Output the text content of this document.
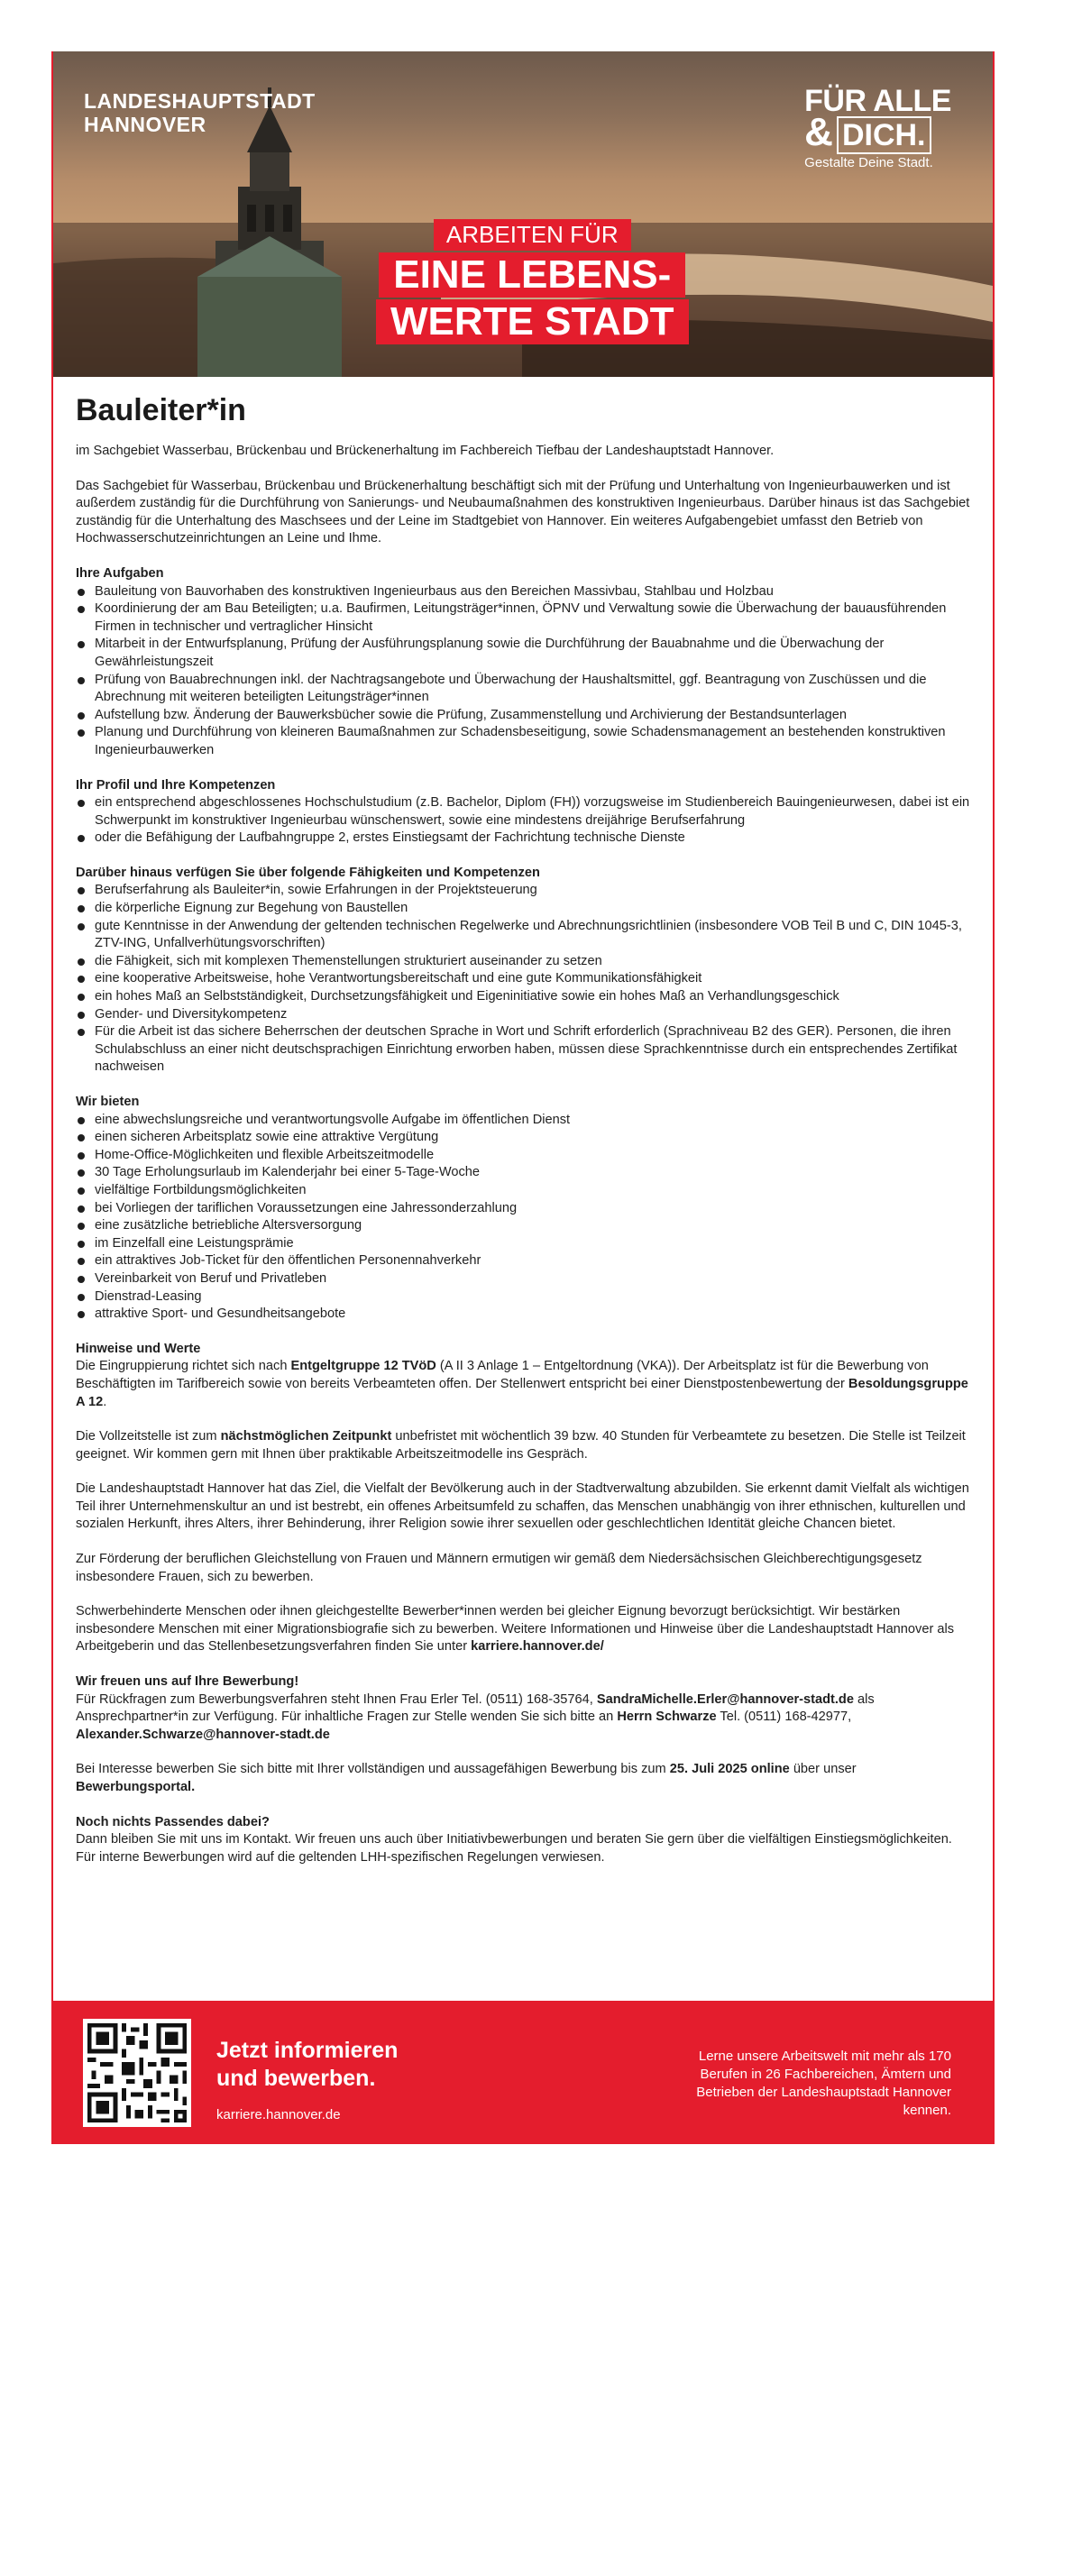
LANDESHAUPTSTADT
HANNOVER
FÜR ALLE
& DICH.
Gestalte Deine Stadt.
ARBEITEN FÜR
EINE LEBENS-
WERTE STADT
Bauleiter*in

im Sachgebiet Wasserbau, Brückenbau und Brückenerhaltung im Fachbereich Tiefbau der Landeshauptstadt Hannover.

Das Sachgebiet für Wasserbau, Brückenbau und Brückenerhaltung beschäftigt sich mit der Prüfung und Unterhaltung von Ingenieurbauwerken und ist außerdem zuständig für die Durchführung von Sanierungs- und Neubaumaßnahmen des konstruktiven Ingenieurbaus. Darüber hinaus ist das Sachgebiet zuständig für die Unterhaltung des Maschsees und der Leine im Stadtgebiet von Hannover. Ein weiteres Aufgabengebiet umfasst den Betrieb von Hochwasserschutzeinrichtungen an Leine und Ihme.

Ihre Aufgaben
Bauleitung von Bauvorhaben des konstruktiven Ingenieurbaus aus den Bereichen Massivbau, Stahlbau und Holzbau
Koordinierung der am Bau Beteiligten; u.a. Baufirmen, Leitungsträger*innen, ÖPNV und Verwaltung sowie die Überwachung der bauausführenden Firmen in technischer und vertraglicher Hinsicht
Mitarbeit in der Entwurfsplanung, Prüfung der Ausführungsplanung sowie die Durchführung der Bauabnahme und die Überwachung der Gewährleistungszeit
Prüfung von Bauabrechnungen inkl. der Nachtragsangebote und Überwachung der Haushaltsmittel, ggf. Beantragung von Zuschüssen und die Abrechnung mit weiteren beteiligten Leitungsträger*innen
Aufstellung bzw. Änderung der Bauwerksbücher sowie die Prüfung, Zusammenstellung und Archivierung der Bestandsunterlagen
Planung und Durchführung von kleineren Baumaßnahmen zur Schadensbeseitigung, sowie Schadensmanagement an bestehenden konstruktiven Ingenieurbauwerken
Ihr Profil und Ihre Kompetenzen
ein entsprechend abgeschlossenes Hochschulstudium (z.B. Bachelor, Diplom (FH)) vorzugsweise im Studienbereich Bauingenieurwesen, dabei ist ein Schwerpunkt im konstruktiver Ingenieurbau wünschenswert, sowie eine mindestens dreijährige Berufserfahrung
oder die Befähigung der Laufbahngruppe 2, erstes Einstiegsamt der Fachrichtung technische Dienste
Darüber hinaus verfügen Sie über folgende Fähigkeiten und Kompetenzen
Berufserfahrung als Bauleiter*in, sowie Erfahrungen in der Projektsteuerung
die körperliche Eignung zur Begehung von Baustellen
gute Kenntnisse in der Anwendung der geltenden technischen Regelwerke und Abrechnungsrichtlinien (insbesondere VOB Teil B und C, DIN 1045-3, ZTV-ING, Unfallverhütungsvorschriften)
die Fähigkeit, sich mit komplexen Themenstellungen strukturiert auseinander zu setzen
eine kooperative Arbeitsweise, hohe Verantwortungsbereitschaft und eine gute Kommunikationsfähigkeit
ein hohes Maß an Selbstständigkeit, Durchsetzungsfähigkeit und Eigeninitiative sowie ein hohes Maß an Verhandlungsgeschick
Gender- und Diversitykompetenz
Für die Arbeit ist das sichere Beherrschen der deutschen Sprache in Wort und Schrift erforderlich (Sprachniveau B2 des GER). Personen, die ihren Schulabschluss an einer nicht deutschsprachigen Einrichtung erworben haben, müssen diese Sprachkenntnisse durch ein entsprechendes Zertifikat nachweisen
Wir bieten
eine abwechslungsreiche und verantwortungsvolle Aufgabe im öffentlichen Dienst
einen sicheren Arbeitsplatz sowie eine attraktive Vergütung
Home-Office-Möglichkeiten und flexible Arbeitszeitmodelle
30 Tage Erholungsurlaub im Kalenderjahr bei einer 5-Tage-Woche
vielfältige Fortbildungsmöglichkeiten
bei Vorliegen der tariflichen Voraussetzungen eine Jahressonderzahlung
eine zusätzliche betriebliche Altersversorgung
im Einzelfall eine Leistungsprämie
ein attraktives Job-Ticket für den öffentlichen Personennahverkehr
Vereinbarkeit von Beruf und Privatleben
Dienstrad-Leasing
attraktive Sport- und Gesundheitsangebote
Hinweise und Werte

Die Eingruppierung richtet sich nach Entgeltgruppe 12 TVöD (A II 3 Anlage 1 – Entgeltordnung (VKA)). Der Arbeitsplatz ist für die Bewerbung von Beschäftigten im Tarifbereich sowie von bereits Verbeamteten offen. Der Stellenwert entspricht bei einer Dienstpostenbewertung der Besoldungsgruppe A 12.

Die Vollzeitstelle ist zum nächstmöglichen Zeitpunkt unbefristet mit wöchentlich 39 bzw. 40 Stunden für Verbeamtete zu besetzen. Die Stelle ist Teilzeit geeignet. Wir kommen gern mit Ihnen über praktikable Arbeitszeitmodelle ins Gespräch.

Die Landeshauptstadt Hannover hat das Ziel, die Vielfalt der Bevölkerung auch in der Stadtverwaltung abzubilden. Sie erkennt damit Vielfalt als wichtigen Teil ihrer Unternehmenskultur an und ist bestrebt, ein offenes Arbeitsumfeld zu schaffen, das Menschen unabhängig von ihrer ethnischen, kulturellen und sozialen Herkunft, ihres Alters, ihrer Behinderung, ihrer Religion sowie ihrer sexuellen oder geschlechtlichen Identität gleiche Chancen bietet.

Zur Förderung der beruflichen Gleichstellung von Frauen und Männern ermutigen wir gemäß dem Niedersächsischen Gleichberechtigungsgesetz insbesondere Frauen, sich zu bewerben.

Schwerbehinderte Menschen oder ihnen gleichgestellte Bewerber*innen werden bei gleicher Eignung bevorzugt berücksichtigt. Wir bestärken insbesondere Menschen mit einer Migrationsbiografie sich zu bewerben. Weitere Informationen und Hinweise über die Landeshauptstadt Hannover als Arbeitgeberin und das Stellenbesetzungsverfahren finden Sie unter karriere.hannover.de/

Wir freuen uns auf Ihre Bewerbung!

Für Rückfragen zum Bewerbungsverfahren steht Ihnen Frau Erler Tel. (0511) 168-35764, SandraMichelle.Erler@hannover-stadt.de als Ansprechpartner*in zur Verfügung. Für inhaltliche Fragen zur Stelle wenden Sie sich bitte an Herrn Schwarze Tel. (0511) 168-42977, Alexander.Schwarze@hannover-stadt.de

Bei Interesse bewerben Sie sich bitte mit Ihrer vollständigen und aussagefähigen Bewerbung bis zum 25. Juli 2025 online über unser Bewerbungsportal.

Noch nichts Passendes dabei?

Dann bleiben Sie mit uns im Kontakt. Wir freuen uns auch über Initiativbewerbungen und beraten Sie gern über die vielfältigen Einstiegsmöglichkeiten. Für interne Bewerbungen wird auf die geltenden LHH-spezifischen Regelungen verwiesen.

Jetzt informieren
und bewerben.
karriere.hannover.de
Lerne unsere Arbeitswelt mit mehr als 170 Berufen in 26 Fachbereichen, Ämtern und Betrieben der Landeshauptstadt Hannover kennen.
